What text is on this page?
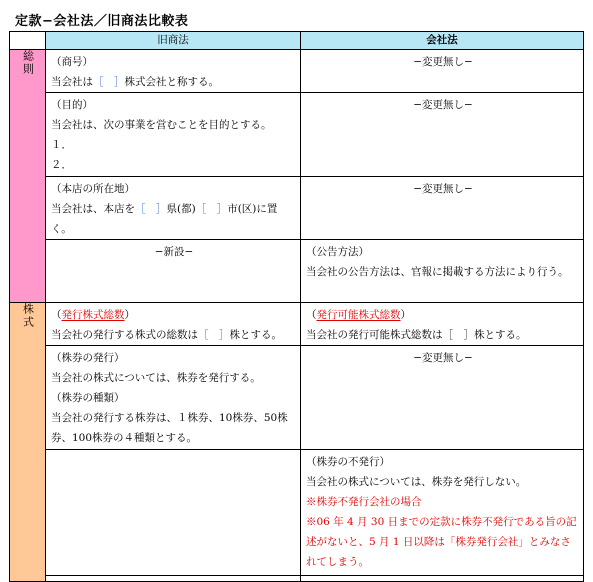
定款−会社法／旧商法比較表
	旧商法	会社法

総則	（商号）
当会社は［　］株式会社と称する。	−変更無し−

	（目的）
当会社は、次の事業を営むことを目的とする。
１．
２．	−変更無し−

	（本店の所在地）
当会社は、本店を［　］県(都)［　］市(区)に置く。	−変更無し−

	−新設−	（公告方法）
当会社の公告方法は、官報に掲載する方法により行う。

株式	（発行株式総数）
当会社の発行する株式の総数は［　］株とする。	（発行可能株式総数）
当会社の発行可能株式総数は［　］株とする。

	（株券の発行）
当会社の株式については、株券を発行する。
（株券の種類）
当会社の発行する株券は、１株券、10株券、50株券、100株券の４種類とする。	−変更無し−

		（株券の不発行）
当会社の株式については、株券を発行しない。
※株券不発行会社の場合
※06 年 4 月 30 日までの定款に株券不発行である旨の記述がないと、5 月 1 日以降は「株券発行会社」とみなされてしまう。
